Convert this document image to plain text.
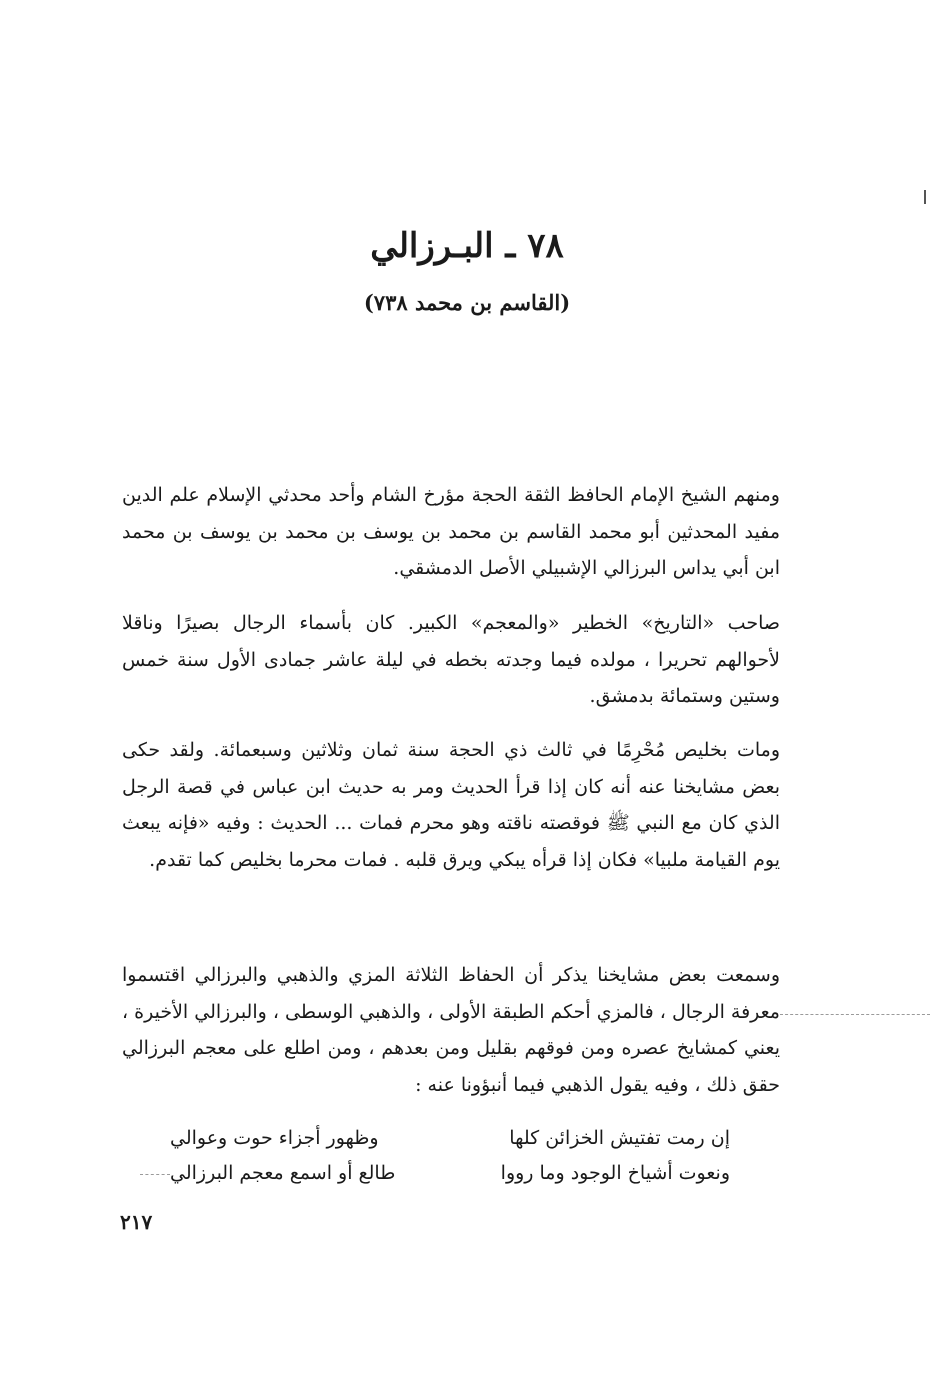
٧٨ ـ البـرزالي
(القاسم بن محمد ٧٣٨)

ومنهم الشيخ الإمام الحافظ الثقة الحجة مؤرخ الشام وأحد محدثي الإسلام علم الدين مفيد المحدثين أبو محمد القاسم بن محمد بن يوسف بن محمد بن يوسف بن محمد ابن أبي يداس البرزالي الإشبيلي الأصل الدمشقي.

صاحب «التاريخ» الخطير «والمعجم» الكبير. كان بأسماء الرجال بصيرًا وناقلا لأحوالهم تحريرا ، مولده فيما وجدته بخطه في ليلة عاشر جمادى الأول سنة خمس وستين وستمائة بدمشق.

ومات بخليص مُحْرِمًا في ثالث ذي الحجة سنة ثمان وثلاثين وسبعمائة. ولقد حكى بعض مشايخنا عنه أنه كان إذا قرأ الحديث ومر به حديث ابن عباس في قصة الرجل الذي كان مع النبي ﷺ فوقصته ناقته وهو محرم فمات ... الحديث : وفيه «فإنه يبعث يوم القيامة ملبيا» فكان إذا قرأه يبكي ويرق قلبه . فمات محرما بخليص كما تقدم.

وسمعت بعض مشايخنا يذكر أن الحفاظ الثلاثة المزي والذهبي والبرزالي اقتسموا معرفة الرجال ، فالمزي أحكم الطبقة الأولى ، والذهبي الوسطى ، والبرزالي الأخيرة ، يعني كمشايخ عصره ومن فوقهم بقليل ومن بعدهم ، ومن اطلع على معجم البرزالي حقق ذلك ، وفيه يقول الذهبي فيما أنبؤونا عنه :

إن رمت تفتيش الخزائن كلها
وظهور أجزاء حوت وعوالي
ونعوت أشياخ الوجود وما رووا
طالع أو اسمع معجم البرزالي
٢١٧
